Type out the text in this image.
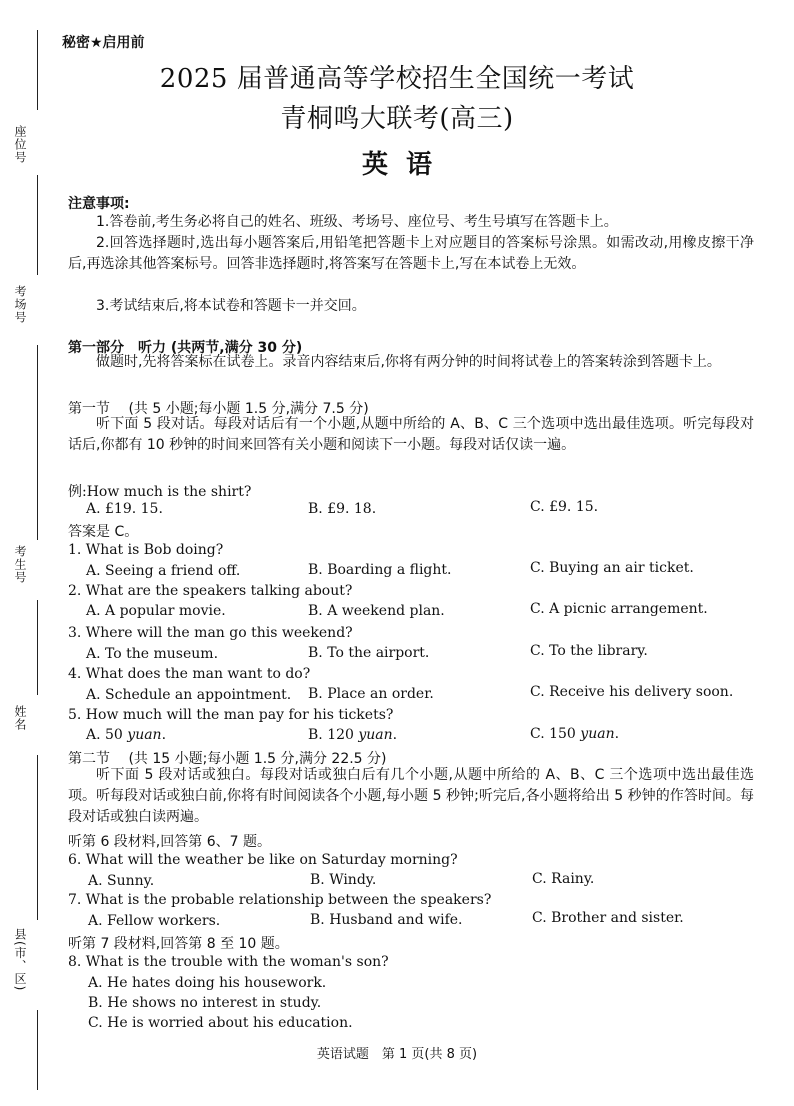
座位号
考场号
考生号
姓名
县(市、区)
秘密★启用前
2025 届普通高等学校招生全国统一考试
青桐鸣大联考(高三)
英语
注意事项:
1.答卷前,考生务必将自己的姓名、班级、考场号、座位号、考生号填写在答题卡上。
2.回答选择题时,选出每小题答案后,用铅笔把答题卡上对应题目的答案标号涂黑。如需改动,用橡皮擦干净后,再选涂其他答案标号。回答非选择题时,将答案写在答题卡上,写在本试卷上无效。
3.考试结束后,将本试卷和答题卡一并交回。
第一部分　听力 (共两节,满分 30 分)
做题时,先将答案标在试卷上。录音内容结束后,你将有两分钟的时间将试卷上的答案转涂到答题卡上。
第一节　 (共 5 小题;每小题 1.5 分,满分 7.5 分)
听下面 5 段对话。每段对话后有一个小题,从题中所给的 A、B、C 三个选项中选出最佳选项。听完每段对话后,你都有 10 秒钟的时间来回答有关小题和阅读下一小题。每段对话仅读一遍。
例:How much is the shirt?
A. £19. 15.	B. £9. 18.	C. £9. 15.
答案是 C。
1. What is Bob doing?
A. Seeing a friend off.	B. Boarding a flight.	C. Buying an air ticket.
2. What are the speakers talking about?
A. A popular movie.	B. A weekend plan.	C. A picnic arrangement.
3. Where will the man go this weekend?
A. To the museum.	B. To the airport.	C. To the library.
4. What does the man want to do?
A. Schedule an appointment. B. Place an order.	C. Receive his delivery soon.
5. How much will the man pay for his tickets?
A. 50 yuan.	B. 120 yuan.	C. 150 yuan.
第二节　 (共 15 小题;每小题 1.5 分,满分 22.5 分)
听下面 5 段对话或独白。每段对话或独白后有几个小题,从题中所给的 A、B、C 三个选项中选出最佳选项。听每段对话或独白前,你将有时间阅读各个小题,每小题 5 秒钟;听完后,各小题将给出 5 秒钟的作答时间。每段对话或独白读两遍。
听第 6 段材料,回答第 6、7 题。
6. What will the weather be like on Saturday morning?
A. Sunny.	B. Windy.	C. Rainy.
7. What is the probable relationship between the speakers?
A. Fellow workers.	B. Husband and wife.	C. Brother and sister.
听第 7 段材料,回答第 8 至 10 题。
8. What is the trouble with the woman's son?
A. He hates doing his housework.
B. He shows no interest in study.
C. He is worried about his education.
英语试题　第 1 页(共 8 页)
